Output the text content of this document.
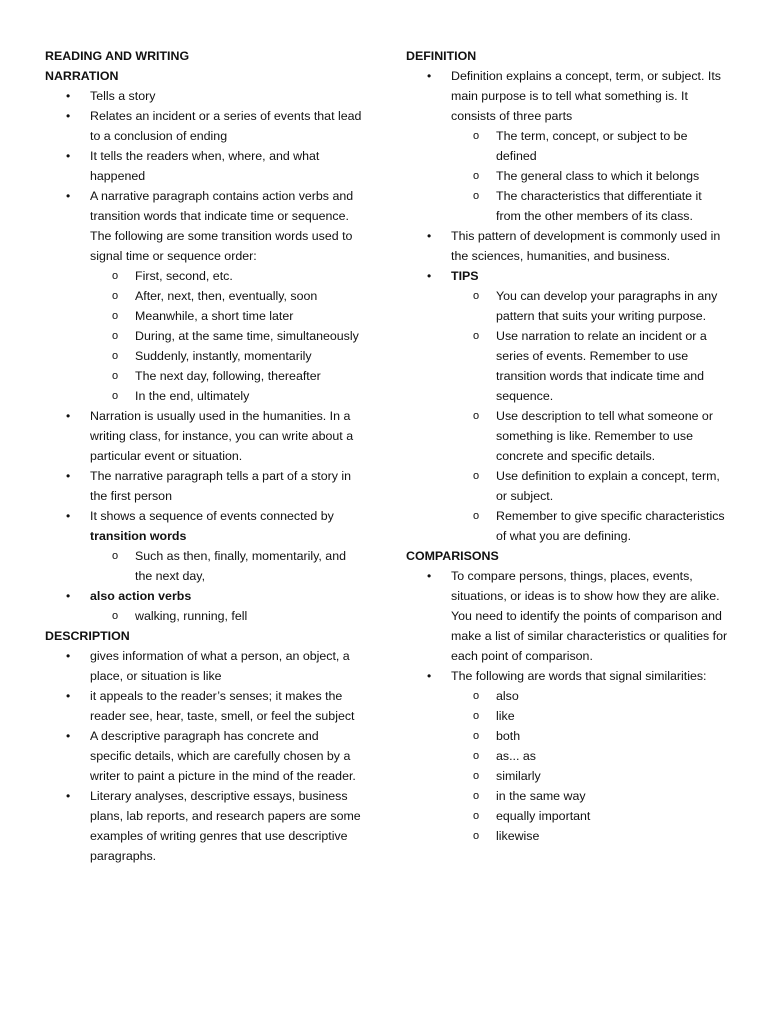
READING AND WRITING
NARRATION
• Tells a story
• Relates an incident or a series of events that lead to a conclusion of ending
• It tells the readers when, where, and what happened
• A narrative paragraph contains action verbs and transition words that indicate time or sequence. The following are some transition words used to signal time or sequence order:
o First, second, etc.
o After, next, then, eventually, soon
o Meanwhile, a short time later
o During, at the same time, simultaneously
o Suddenly, instantly, momentarily
o The next day, following, thereafter
o In the end, ultimately
• Narration is usually used in the humanities. In a writing class, for instance, you can write about a particular event or situation.
• The narrative paragraph tells a part of a story in the first person
• It shows a sequence of events connected by transition words
o Such as then, finally, momentarily, and the next day,
• also action verbs
o walking, running, fell
DESCRIPTION
• gives information of what a person, an object, a place, or situation is like
• it appeals to the reader’s senses; it makes the reader see, hear, taste, smell, or feel the subject
• A descriptive paragraph has concrete and specific details, which are carefully chosen by a writer to paint a picture in the mind of the reader.
• Literary analyses, descriptive essays, business plans, lab reports, and research papers are some examples of writing genres that use descriptive paragraphs.
DEFINITION
• Definition explains a concept, term, or subject. Its main purpose is to tell what something is. It consists of three parts
o The term, concept, or subject to be defined
o The general class to which it belongs
o The characteristics that differentiate it from the other members of its class.
• This pattern of development is commonly used in the sciences, humanities, and business.
• TIPS
o You can develop your paragraphs in any pattern that suits your writing purpose.
o Use narration to relate an incident or a series of events. Remember to use transition words that indicate time and sequence.
o Use description to tell what someone or something is like. Remember to use concrete and specific details.
o Use definition to explain a concept, term, or subject.
o Remember to give specific characteristics of what you are defining.
COMPARISONS
• To compare persons, things, places, events, situations, or ideas is to show how they are alike. You need to identify the points of comparison and make a list of similar characteristics or qualities for each point of comparison.
• The following are words that signal similarities:
o also
o like
o both
o as... as
o similarly
o in the same way
o equally important
o likewise
